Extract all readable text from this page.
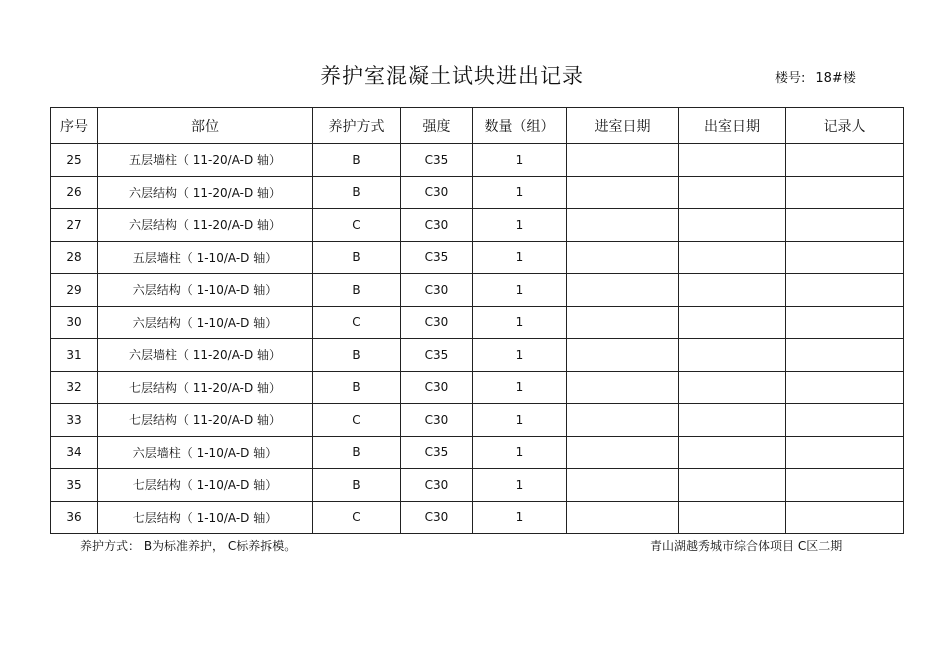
养护室混凝土试块进出记录	楼号: 18#楼
序号	部位	养护方式	强度	数量（组）	进室日期	出室日期	记录人
25	五层墙柱（ 11-20/A-D 轴）	B	C35	1			
26	六层结构（ 11-20/A-D 轴）	B	C30	1			
27	六层结构（ 11-20/A-D 轴）	C	C30	1			
28	五层墙柱（ 1-10/A-D 轴）	B	C35	1			
29	六层结构（ 1-10/A-D 轴）	B	C30	1			
30	六层结构（ 1-10/A-D 轴）	C	C30	1			
31	六层墙柱（ 11-20/A-D 轴）	B	C35	1			
32	七层结构（ 11-20/A-D 轴）	B	C30	1			
33	七层结构（ 11-20/A-D 轴）	C	C30	1			
34	六层墙柱（ 1-10/A-D 轴）	B	C35	1			
35	七层结构（ 1-10/A-D 轴）	B	C30	1			
36	七层结构（ 1-10/A-D 轴）	C	C30	1			
养护方式： B为标准养护， C标养拆模。	青山湖越秀城市综合体项目 C区二期
